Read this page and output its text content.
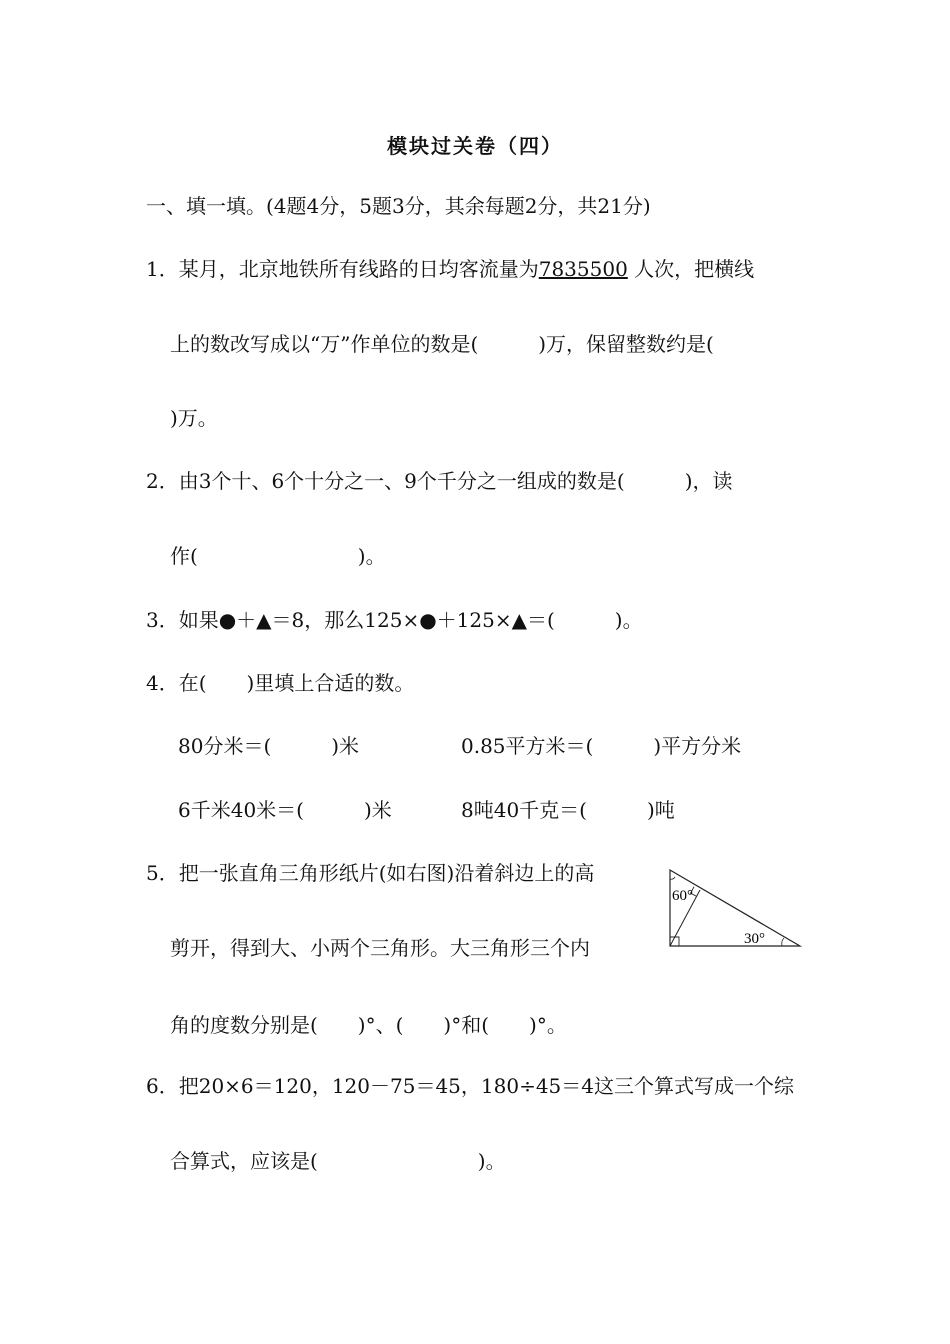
模块过关卷（四）
一、填一填。(4题4分，5题3分，其余每题2分，共21分)
1．某月，北京地铁所有线路的日均客流量为7835500 人次，把横线
上的数改写成以“万”作单位的数是(　　　)万，保留整数约是(
)万。
2．由3个十、6个十分之一、9个千分之一组成的数是(　　　)，读
作(　　　　　　　　)。
3．如果●＋▲＝8，那么125×●＋125×▲＝(　　　)。
4．在(　　)里填上合适的数。
80分米＝(　　　)米	0.85平方米＝(　　　)平方分米
6千米40米＝(　　　)米	8吨40千克＝(　　　)吨
5．把一张直角三角形纸片(如右图)沿着斜边上的高
剪开，得到大、小两个三角形。大三角形三个内
角的度数分别是(　　)°、(　　)°和(　　)°。
60°
30°
6．把20×6＝120，120－75＝45，180÷45＝4这三个算式写成一个综
合算式，应该是(　　　　　　　　)。
